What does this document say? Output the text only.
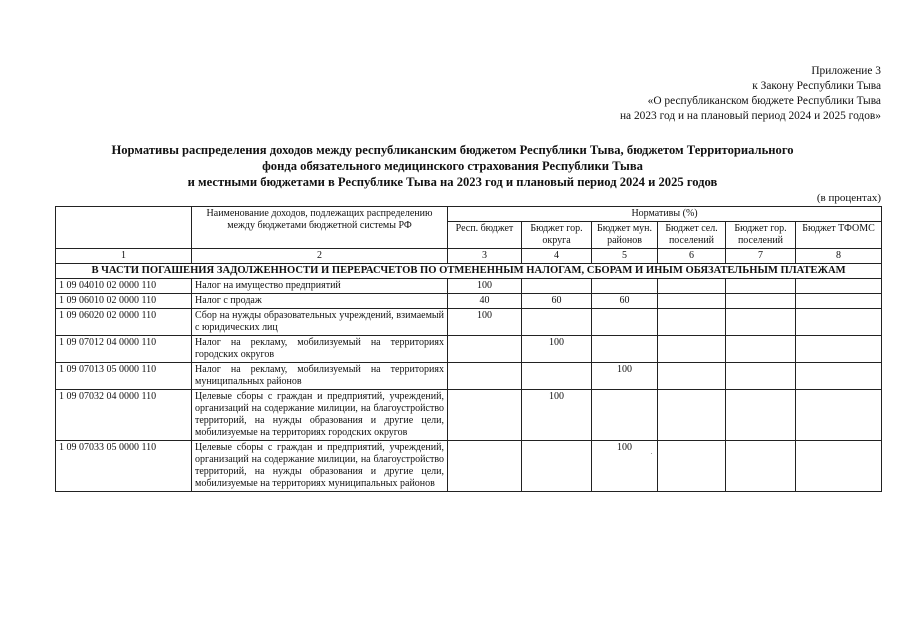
Приложение 3
к Закону Республики Тыва
«О республиканском бюджете Республики Тыва
на 2023 год и на плановый период 2024 и 2025 годов»
Нормативы распределения доходов между республиканским бюджетом Республики Тыва, бюджетом Территориального
фонда обязательного медицинского страхования Республики Тыва
и местными бюджетами в Республике Тыва на 2023 год и плановый период 2024 и 2025 годов
(в процентах)
	Наименование доходов, подлежащих распределению между бюджетами бюджетной системы РФ	Нормативы (%)					
		Респ. бюджет	Бюджет гор. округа	Бюджет мун. районов	Бюджет сел. поселений	Бюджет гор. поселений	Бюджет ТФОМС
1	2	3	4	5	6	7	8
В ЧАСТИ ПОГАШЕНИЯ ЗАДОЛЖЕННОСТИ И ПЕРЕРАСЧЕТОВ ПО ОТМЕНЕННЫМ НАЛОГАМ, СБОРАМ И ИНЫМ ОБЯЗАТЕЛЬНЫМ ПЛАТЕЖАМ							
1 09 04010 02 0000 110	Налог на имущество предприятий	100					
1 09 06010 02 0000 110	Налог с продаж	40	60	60			
1 09 06020 02 0000 110	Сбор на нужды образовательных учреждений, взимаемый с юридических лиц	100					
1 09 07012 04 0000 110	Налог на рекламу, мобилизуемый на территориях городских округов		100				
1 09 07013 05 0000 110	Налог на рекламу, мобилизуемый на территориях муниципальных районов			100			
1 09 07032 04 0000 110	Целевые сборы с граждан и предприятий, учреждений, организаций на содержание милиции, на благоустройство территорий, на нужды образования и другие цели, мобилизуемые на территориях городских округов		100				
1 09 07033 05 0000 110	Целевые сборы с граждан и предприятий, учреждений, организаций на содержание милиции, на благоустройство территорий, на нужды образования и другие цели, мобилизуемые на территориях муниципальных районов			100			
